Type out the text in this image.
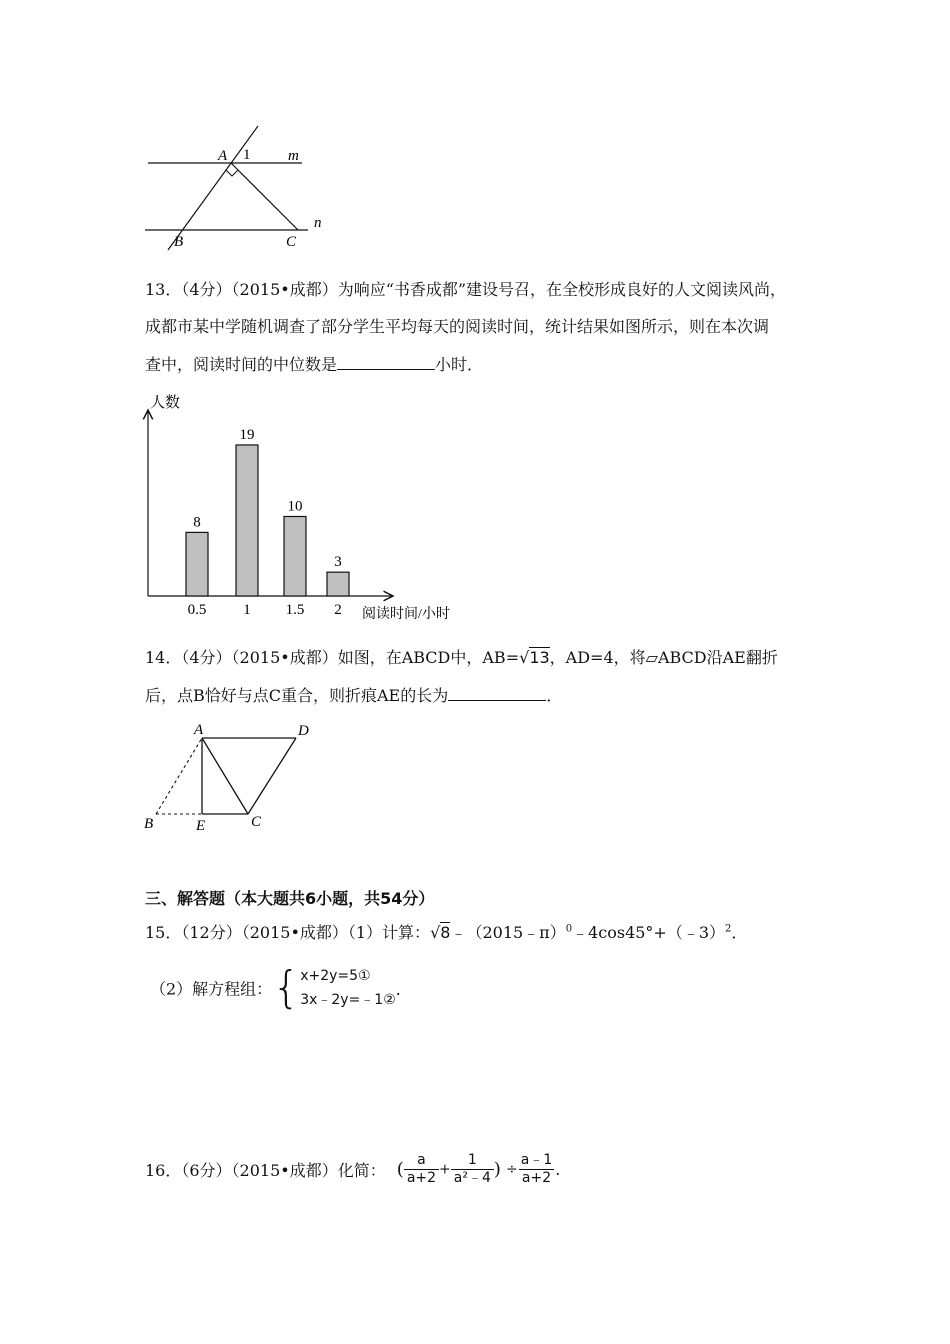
A 1	m
n
B	C
13．（4分）（2015•成都）为响应“书香成都”建设号召，在全校形成良好的人文阅读风尚，
成都市某中学随机调查了部分学生平均每天的阅读时间，统计结果如图所示，则在本次调
查中，阅读时间的中位数是	小时．
人数
阅读时间/小时
8
0.5
19
1
10
1.5
3
2
14．（4分）（2015•成都）如图，在ABCD中，AB=√13，AD=4，将▱ABCD沿AE翻折
后，点B恰好与点C重合，则折痕AE的长为	．
A	D
B	E	C
三、解答题（本大题共6小题，共54分）
15．（12分）（2015•成都）（1）计算：√8﹣（2015﹣π）$^0$﹣4cos45°+（﹣3）$^2$．
（2）解方程组：{ x+2y=5①
3x﹣2y=﹣1②
．
16．（6分）（2015•成都）化简： ( $\frac{a}{a+2} + \frac{1}{\text{a²﹣4}}$ ) ÷ $\frac{a﹣1}{a+2}$ .
